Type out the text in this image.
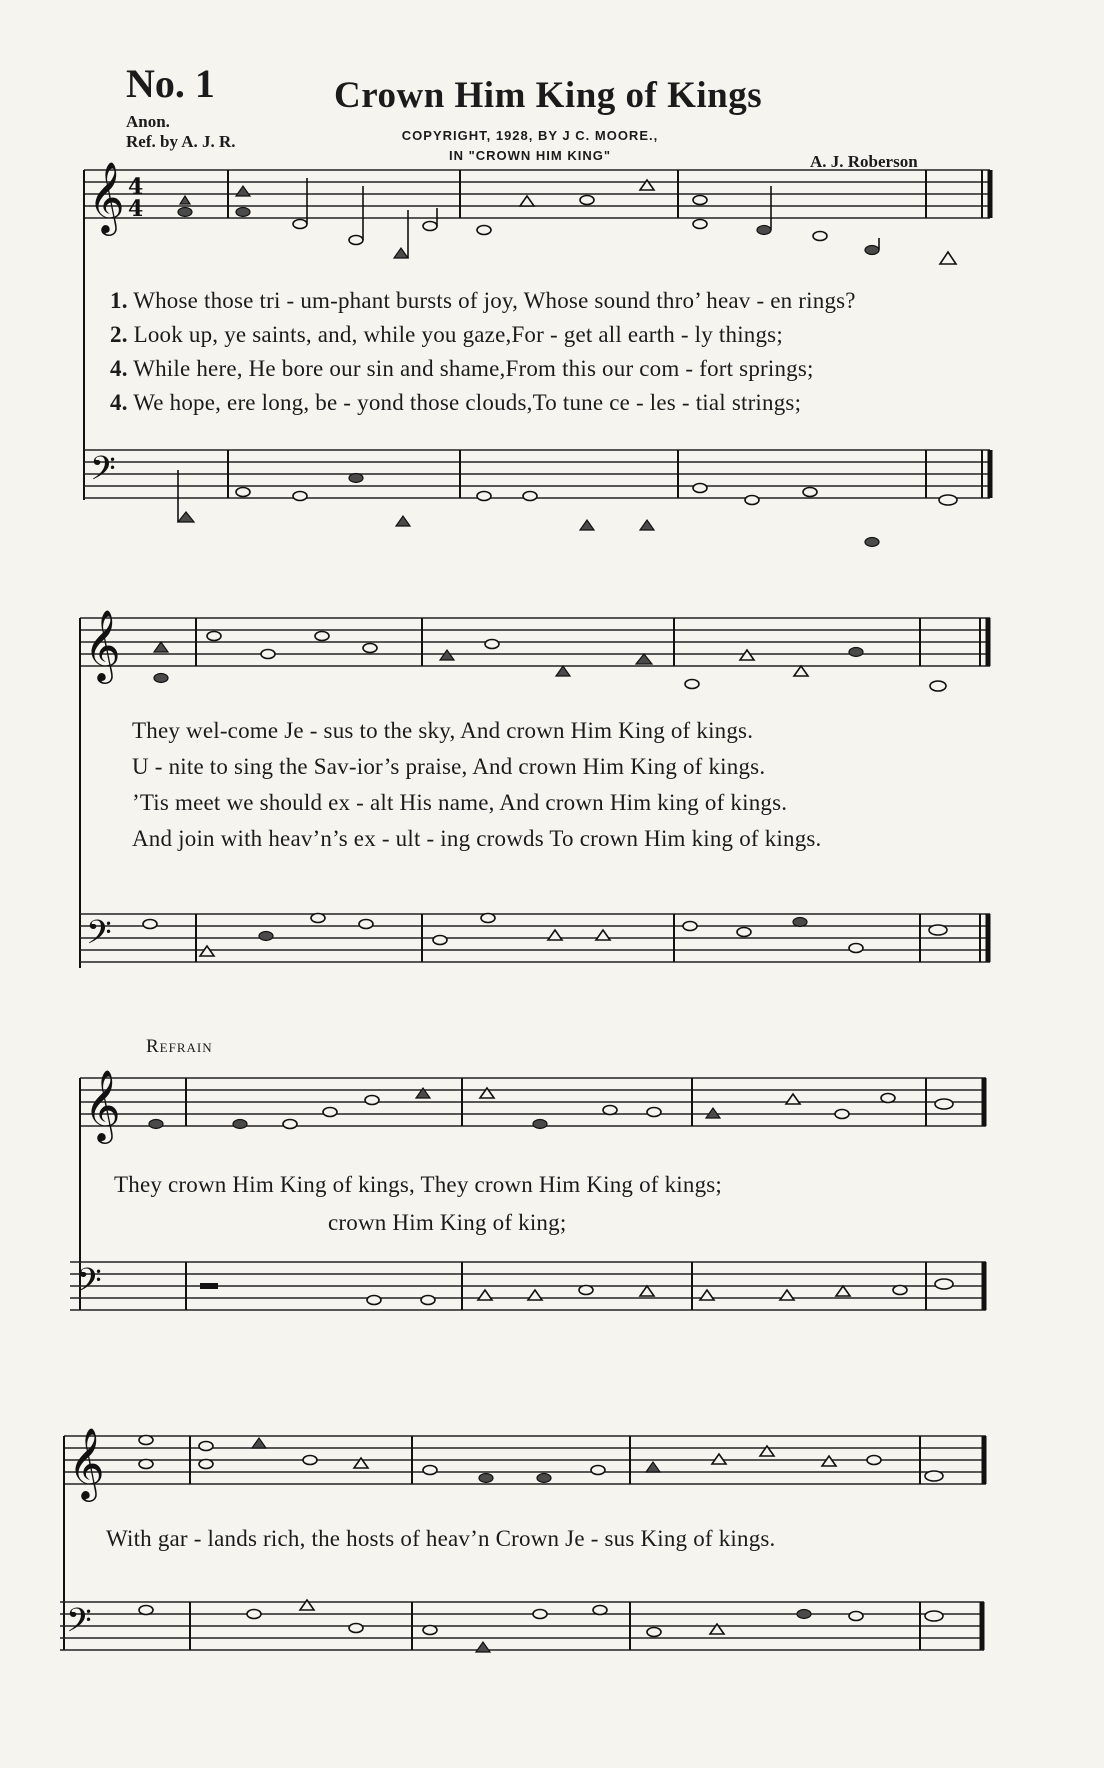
No. 1	Crown Him King of Kings
Anon.
Ref. by A. J. R.	COPYRIGHT, 1928, BY J C. MOORE.,
IN "CROWN HIM KING"	A. J. Roberson
𝄞 4
4
𝄢
𝄞
𝄢
𝄞
𝄢
𝄞
𝄢
1. Whose those tri - um-phant bursts of joy, Whose sound thro’ heav - en rings?
2. Look up, ye saints, and, while you gaze,For - get all earth - ly things;
4. While here, He bore our sin and shame,From this our com - fort springs;
4. We hope, ere long, be - yond those clouds,To tune ce - les - tial strings;
They wel-come Je - sus to the sky, And crown Him King of kings.
U - nite to sing the Sav-ior’s praise, And crown Him King of kings.
’Tis meet we should ex - alt His name, And crown Him king of kings.
And join with heav’n’s ex - ult - ing crowds To crown Him king of kings.
Refrain
They crown Him King of kings, They crown Him King of kings;
crown Him King of king;
With gar - lands rich, the hosts of heav’n Crown Je - sus King of kings.
